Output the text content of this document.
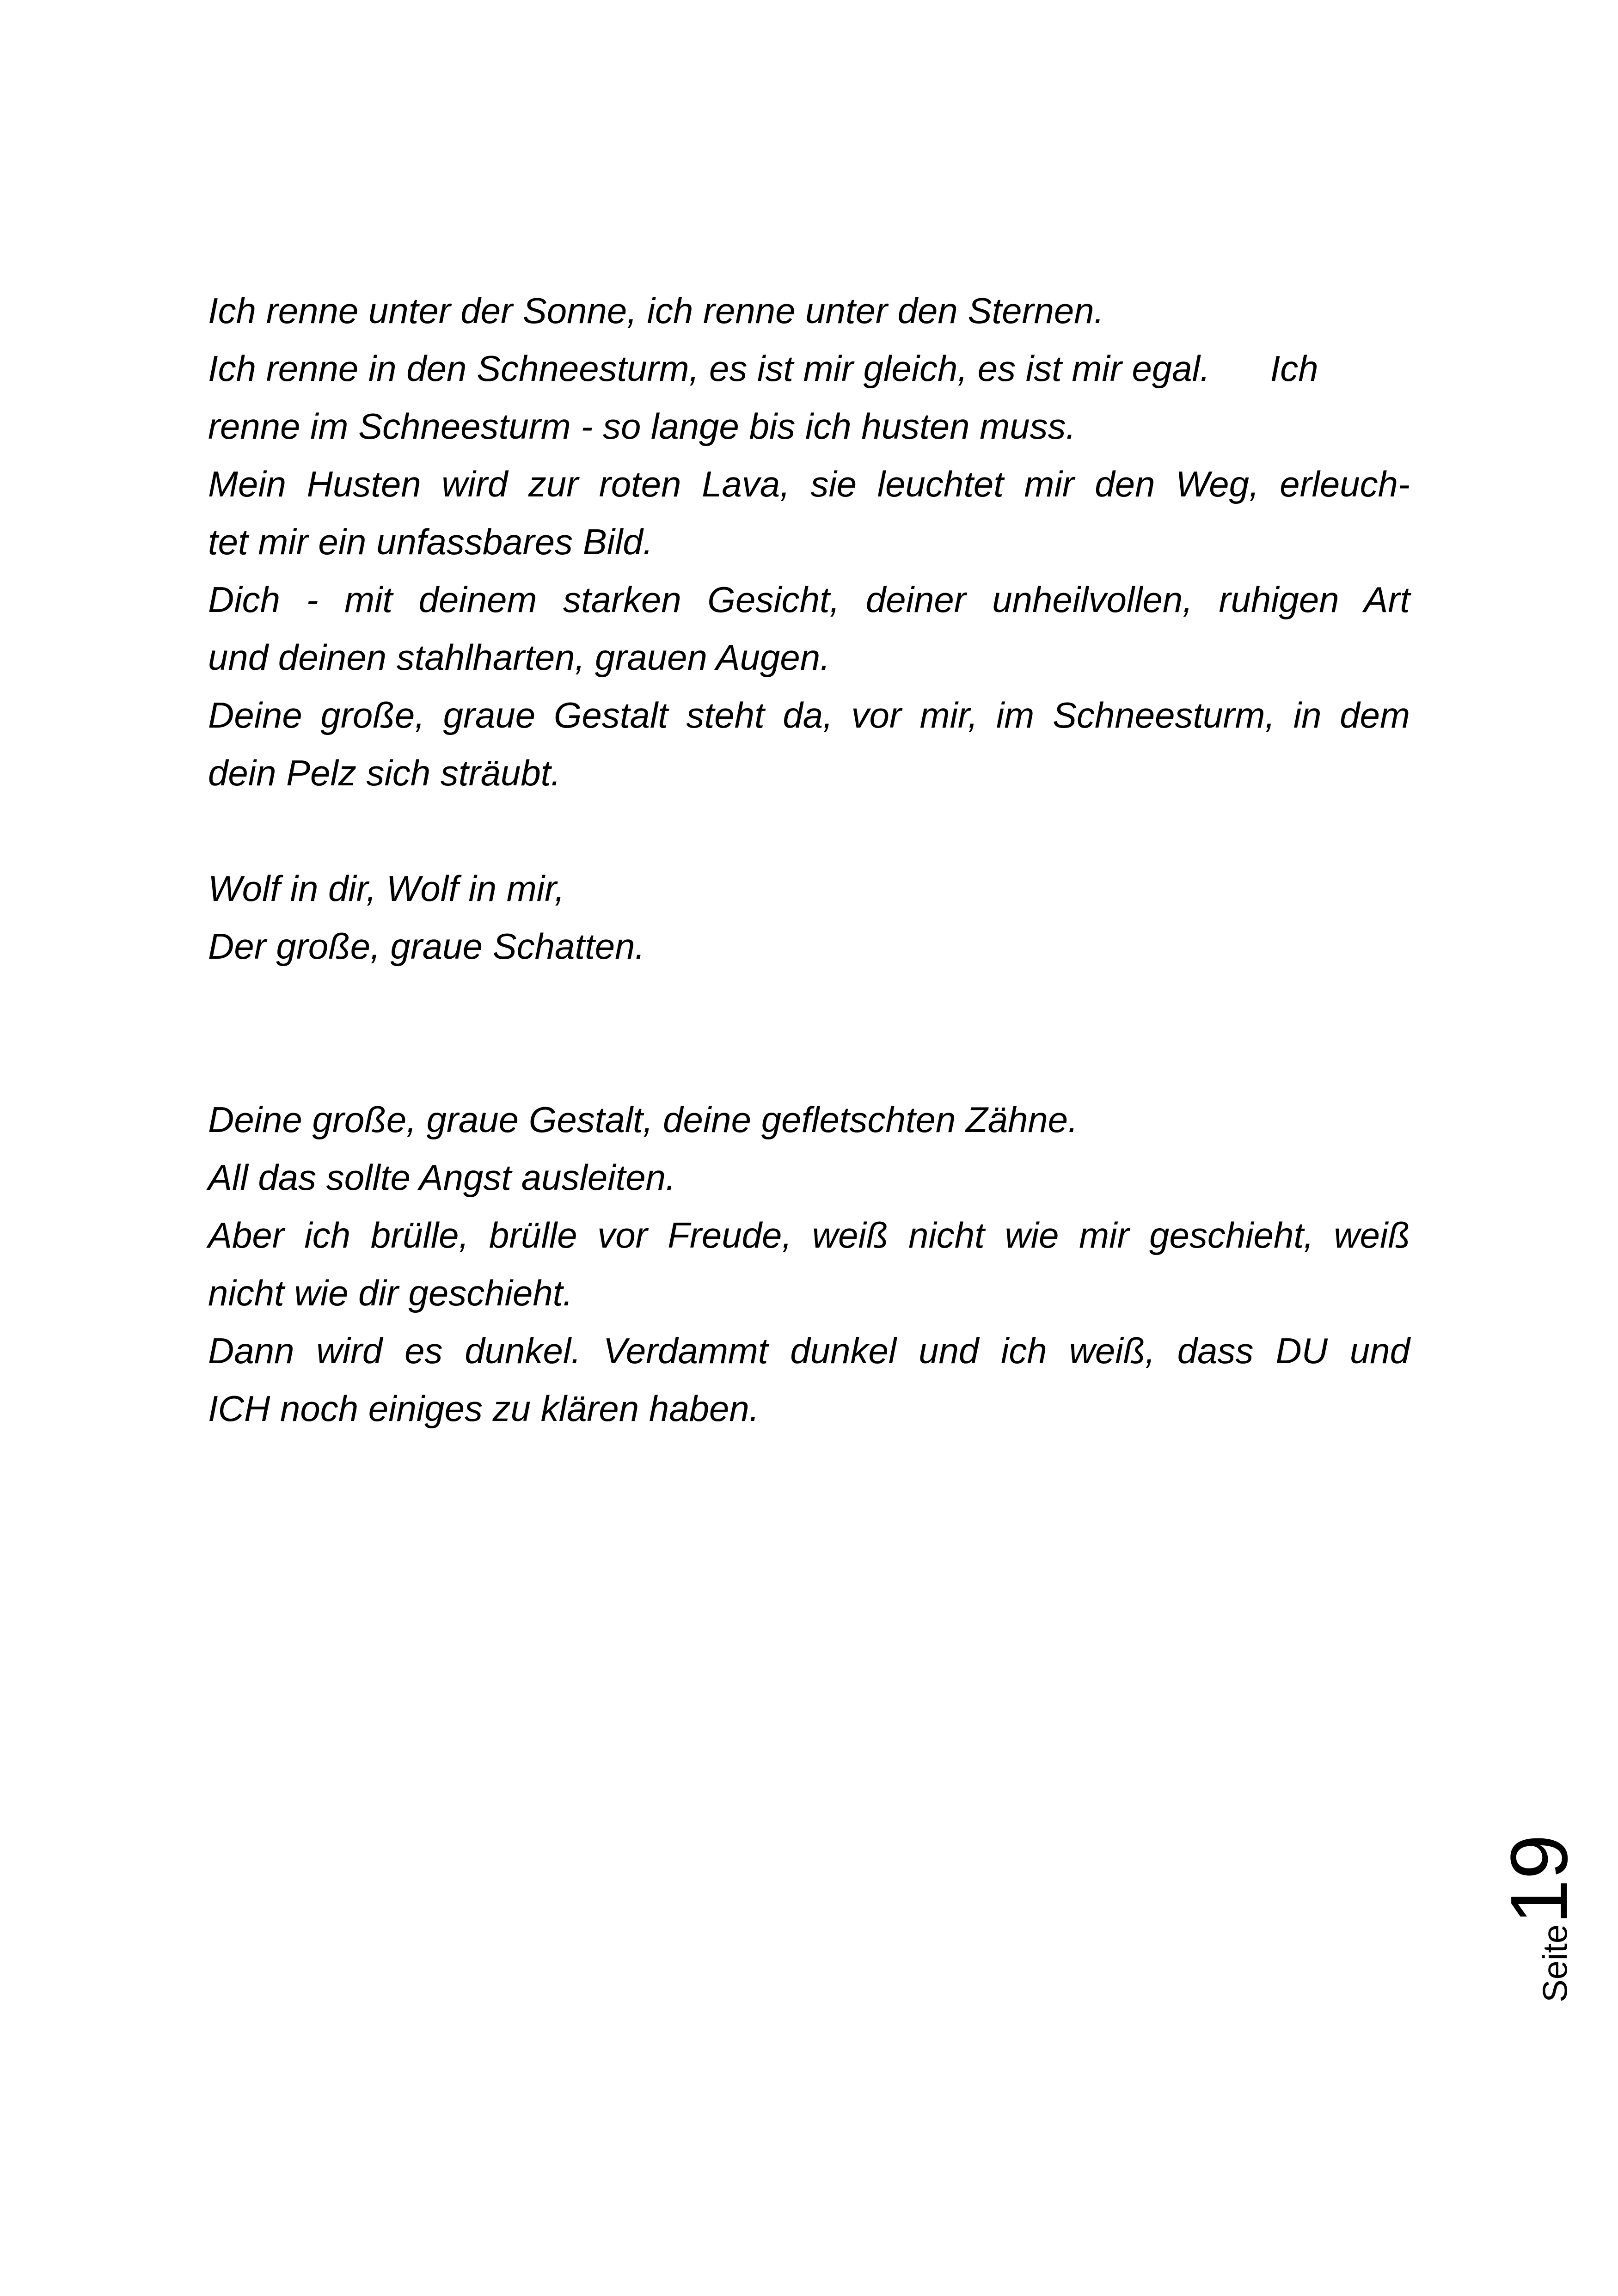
Ich renne unter der Sonne, ich renne unter den Sternen.
Ich renne in den Schneesturm, es ist mir gleich, es ist mir egal.      Ich
renne im Schneesturm - so lange bis ich husten muss.
Mein Husten wird zur roten Lava, sie leuchtet mir den Weg, erleuch-
tet mir ein unfassbares Bild.
Dich - mit deinem starken Gesicht, deiner unheilvollen, ruhigen Art
und deinen stahlharten, grauen Augen.
Deine große, graue Gestalt steht da, vor mir, im Schneesturm, in dem
dein Pelz sich sträubt.
Wolf in dir, Wolf in mir,
Der große, graue Schatten.
Deine große, graue Gestalt, deine gefletschten Zähne.
All das sollte Angst ausleiten.
Aber ich brülle, brülle vor Freude, weiß nicht wie mir geschieht, weiß
nicht wie dir geschieht.
Dann wird es dunkel. Verdammt dunkel und ich weiß, dass DU und
ICH noch einiges zu klären haben.
Seite19
